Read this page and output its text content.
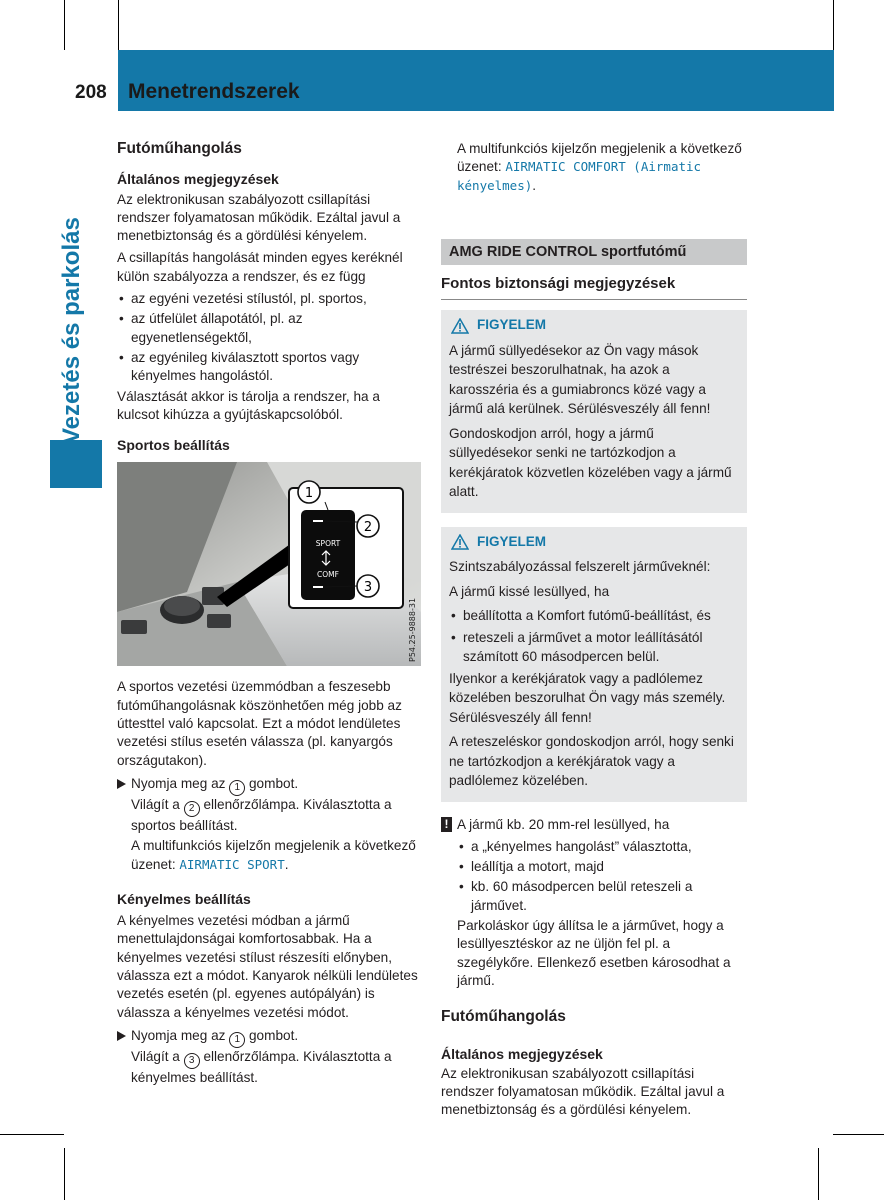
208 Menetrendszerek
Vezetés és parkolás
Futóműhangolás
Általános megjegyzések

Az elektronikusan szabályozott csillapítási rendszer folyamatosan működik. Ezáltal javul a menetbiztonság és a gördülési kényelem.

A csillapítás hangolását minden egyes keréknél külön szabályozza a rendszer, és ez függ

• az egyéni vezetési stílustól, pl. sportos,
• az útfelület állapotától, pl. az egyenetlenségektől,
• az egyénileg kiválasztott sportos vagy kényelmes hangolástól.

Választását akkor is tárolja a rendszer, ha a kulcsot kihúzza a gyújtáskapcsolóból.

Sportos beállítás
SPORT
COMF
1
2
3
P54.25-9888-31

A sportos vezetési üzemmódban a feszesebb futóműhangolásnak köszönhetően még jobb az úttesttel való kapcsolat. Ezt a módot lendületes vezetési stílus esetén válassza (pl. kanyargós országutakon).

Nyomja meg az 1 gombot.
Világít a 2 ellenőrzőlámpa. Kiválasztotta a sportos beállítást.
A multifunkciós kijelzőn megjelenik a következő üzenet: AIRMATIC SPORT.
Kényelmes beállítás

A kényelmes vezetési módban a jármű menettulajdonságai komfortosabbak. Ha a kényelmes vezetési stílust részesíti előnyben, válassza ezt a módot. Kanyarok nélküli lendületes vezetés esetén (pl. egyenes autópályán) is válassza a kényelmes vezetési módot.

Nyomja meg az 1 gombot.
Világít a 3 ellenőrzőlámpa. Kiválasztotta a kényelmes beállítást.
A multifunkciós kijelzőn megjelenik a következő üzenet: AIRMATIC COMFORT (Airmatic kényelmes).
AMG RIDE CONTROL sportfutómű
Fontos biztonsági megjegyzések
FIGYELEM

A jármű süllyedésekor az Ön vagy mások testrészei beszorulhatnak, ha azok a karosszéria és a gumiabroncs közé vagy a jármű alá kerülnek. Sérülésveszély áll fenn!

Gondoskodjon arról, hogy a jármű süllyedésekor senki ne tartózkodjon a kerékjáratok közvetlen közelében vagy a jármű alatt.

FIGYELEM

Szintszabályozással felszerelt járműveknél:

A jármű kissé lesüllyed, ha

• beállította a Komfort futómű-beállítást, és
• reteszeli a járművet a motor leállításától számított 60 másodpercen belül.

Ilyenkor a kerékjáratok vagy a padlólemez közelében beszorulhat Ön vagy más személy. Sérülésveszély áll fenn!

A reteszeléskor gondoskodjon arról, hogy senki ne tartózkodjon a kerékjáratok vagy a padlólemez közelében.

! A jármű kb. 20 mm-rel lesüllyed, ha

• a „kényelmes hangolást” választotta,
• leállítja a motort, majd
• kb. 60 másodpercen belül reteszeli a járművet.

Parkoláskor úgy állítsa le a járművet, hogy a lesüllyesztéskor az ne üljön fel pl. a szegélykőre. Ellenkező esetben károsodhat a jármű.

Futóműhangolás
Általános megjegyzések

Az elektronikusan szabályozott csillapítási rendszer folyamatosan működik. Ezáltal javul a menetbiztonság és a gördülési kényelem.
